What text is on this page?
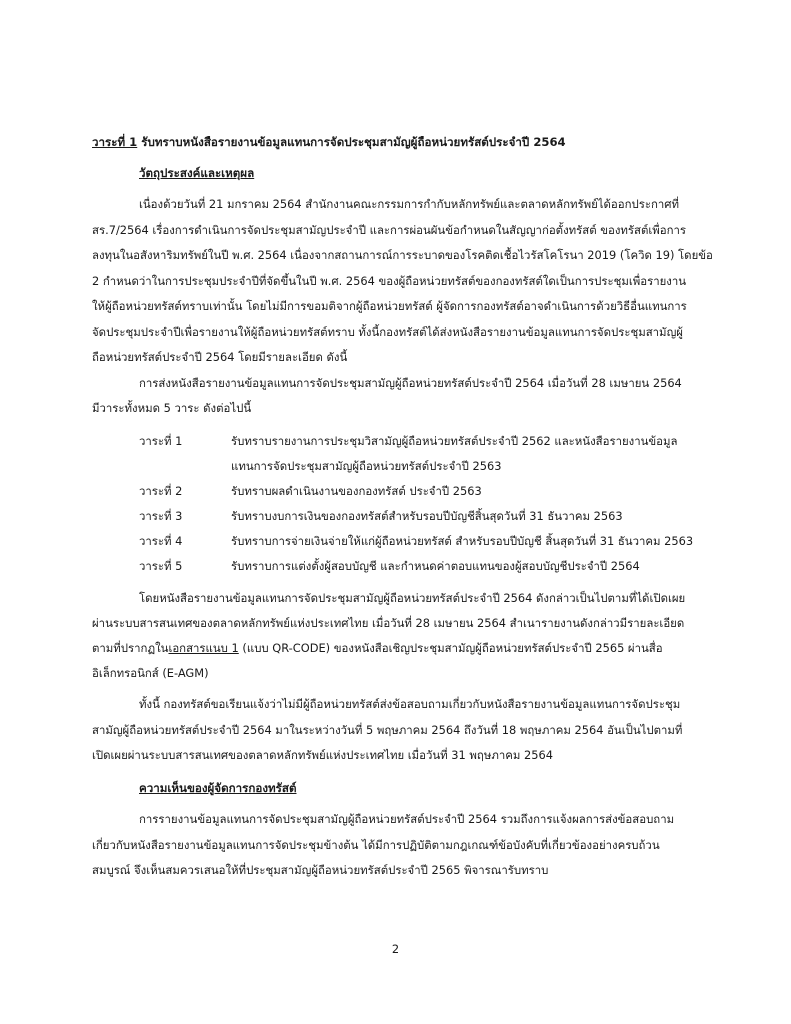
วาระที่ 1 รับทราบหนังสือรายงานข้อมูลแทนการจัดประชุมสามัญผู้ถือหน่วยทรัสต์ประจำปี 2564
วัตถุประสงค์และเหตุผล
เนื่องด้วยวันที่ 21 มกราคม 2564 สำนักงานคณะกรรมการกำกับหลักทรัพย์และตลาดหลักทรัพย์ได้ออกประกาศที่
สร.7/2564 เรื่องการดำเนินการจัดประชุมสามัญประจำปี และการผ่อนผันข้อกำหนดในสัญญาก่อตั้งทรัสต์ ของทรัสต์เพื่อการ
ลงทุนในอสังหาริมทรัพย์ในปี พ.ศ. 2564 เนื่องจากสถานการณ์การระบาดของโรคติดเชื้อไวรัสโคโรนา 2019 (โควิด 19) โดยข้อ
2 กำหนดว่าในการประชุมประจำปีที่จัดขึ้นในปี พ.ศ. 2564 ของผู้ถือหน่วยทรัสต์ของกองทรัสต์ใดเป็นการประชุมเพื่อรายงาน
ให้ผู้ถือหน่วยทรัสต์ทราบเท่านั้น โดยไม่มีการขอมติจากผู้ถือหน่วยทรัสต์ ผู้จัดการกองทรัสต์อาจดำเนินการด้วยวิธีอื่นแทนการ
จัดประชุมประจำปีเพื่อรายงานให้ผู้ถือหน่วยทรัสต์ทราบ ทั้งนี้กองทรัสต์ได้ส่งหนังสือรายงานข้อมูลแทนการจัดประชุมสามัญผู้
ถือหน่วยทรัสต์ประจำปี 2564 โดยมีรายละเอียด ดังนี้
การส่งหนังสือรายงานข้อมูลแทนการจัดประชุมสามัญผู้ถือหน่วยทรัสต์ประจำปี 2564 เมื่อวันที่ 28 เมษายน 2564
มีวาระทั้งหมด 5 วาระ ดังต่อไปนี้
วาระที่ 1	รับทราบรายงานการประชุมวิสามัญผู้ถือหน่วยทรัสต์ประจำปี 2562 และหนังสือรายงานข้อมูล
แทนการจัดประชุมสามัญผู้ถือหน่วยทรัสต์ประจำปี 2563
วาระที่ 2	รับทราบผลดำเนินงานของกองทรัสต์ ประจำปี 2563
วาระที่ 3	รับทราบงบการเงินของกองทรัสต์สำหรับรอบปีบัญชีสิ้นสุดวันที่ 31 ธันวาคม 2563
วาระที่ 4	รับทราบการจ่ายเงินจ่ายให้แก่ผู้ถือหน่วยทรัสต์ สำหรับรอบปีบัญชี สิ้นสุดวันที่ 31 ธันวาคม 2563
วาระที่ 5	รับทราบการแต่งตั้งผู้สอบบัญชี และกำหนดค่าตอบแทนของผู้สอบบัญชีประจำปี 2564
โดยหนังสือรายงานข้อมูลแทนการจัดประชุมสามัญผู้ถือหน่วยทรัสต์ประจำปี 2564 ดังกล่าวเป็นไปตามที่ได้เปิดเผย
ผ่านระบบสารสนเทศของตลาดหลักทรัพย์แห่งประเทศไทย เมื่อวันที่ 28 เมษายน 2564 สำเนารายงานดังกล่าวมีรายละเอียด
ตามที่ปรากฏในเอกสารแนบ 1 (แบบ QR-CODE) ของหนังสือเชิญประชุมสามัญผู้ถือหน่วยทรัสต์ประจำปี 2565 ผ่านสื่อ
อิเล็กทรอนิกส์ (E-AGM)
ทั้งนี้ กองทรัสต์ขอเรียนแจ้งว่าไม่มีผู้ถือหน่วยทรัสต์ส่งข้อสอบถามเกี่ยวกับหนังสือรายงานข้อมูลแทนการจัดประชุม
สามัญผู้ถือหน่วยทรัสต์ประจำปี 2564 มาในระหว่างวันที่ 5 พฤษภาคม 2564 ถึงวันที่ 18 พฤษภาคม 2564 อันเป็นไปตามที่
เปิดเผยผ่านระบบสารสนเทศของตลาดหลักทรัพย์แห่งประเทศไทย เมื่อวันที่ 31 พฤษภาคม 2564
ความเห็นของผู้จัดการกองทรัสต์
การรายงานข้อมูลแทนการจัดประชุมสามัญผู้ถือหน่วยทรัสต์ประจำปี 2564 รวมถึงการแจ้งผลการส่งข้อสอบถาม
เกี่ยวกับหนังสือรายงานข้อมูลแทนการจัดประชุมข้างต้น ได้มีการปฏิบัติตามกฎเกณฑ์ข้อบังคับที่เกี่ยวข้องอย่างครบถ้วน
สมบูรณ์ จึงเห็นสมควรเสนอให้ที่ประชุมสามัญผู้ถือหน่วยทรัสต์ประจำปี 2565 พิจารณารับทราบ
2
